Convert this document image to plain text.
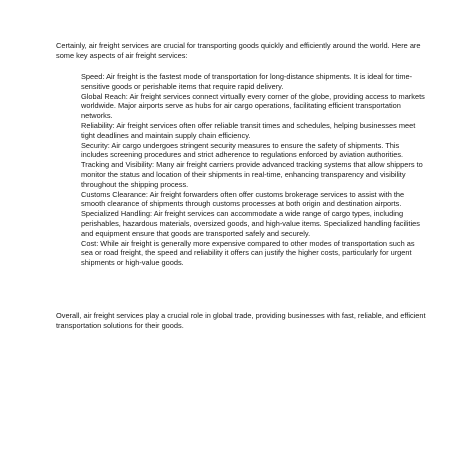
Certainly, air freight services are crucial for transporting goods quickly and efficiently around the world. Here are some key aspects of air freight services:

Speed: Air freight is the fastest mode of transportation for long-distance shipments. It is ideal for time-sensitive goods or perishable items that require rapid delivery.
Global Reach: Air freight services connect virtually every corner of the globe, providing access to markets worldwide. Major airports serve as hubs for air cargo operations, facilitating efficient transportation networks.
Reliability: Air freight services often offer reliable transit times and schedules, helping businesses meet tight deadlines and maintain supply chain efficiency.
Security: Air cargo undergoes stringent security measures to ensure the safety of shipments. This includes screening procedures and strict adherence to regulations enforced by aviation authorities.
Tracking and Visibility: Many air freight carriers provide advanced tracking systems that allow shippers to monitor the status and location of their shipments in real-time, enhancing transparency and visibility throughout the shipping process.
Customs Clearance: Air freight forwarders often offer customs brokerage services to assist with the smooth clearance of shipments through customs processes at both origin and destination airports.
Specialized Handling: Air freight services can accommodate a wide range of cargo types, including perishables, hazardous materials, oversized goods, and high-value items. Specialized handling facilities and equipment ensure that goods are transported safely and securely.
Cost: While air freight is generally more expensive compared to other modes of transportation such as sea or road freight, the speed and reliability it offers can justify the higher costs, particularly for urgent shipments or high-value goods.

Overall, air freight services play a crucial role in global trade, providing businesses with fast, reliable, and efficient transportation solutions for their goods.
